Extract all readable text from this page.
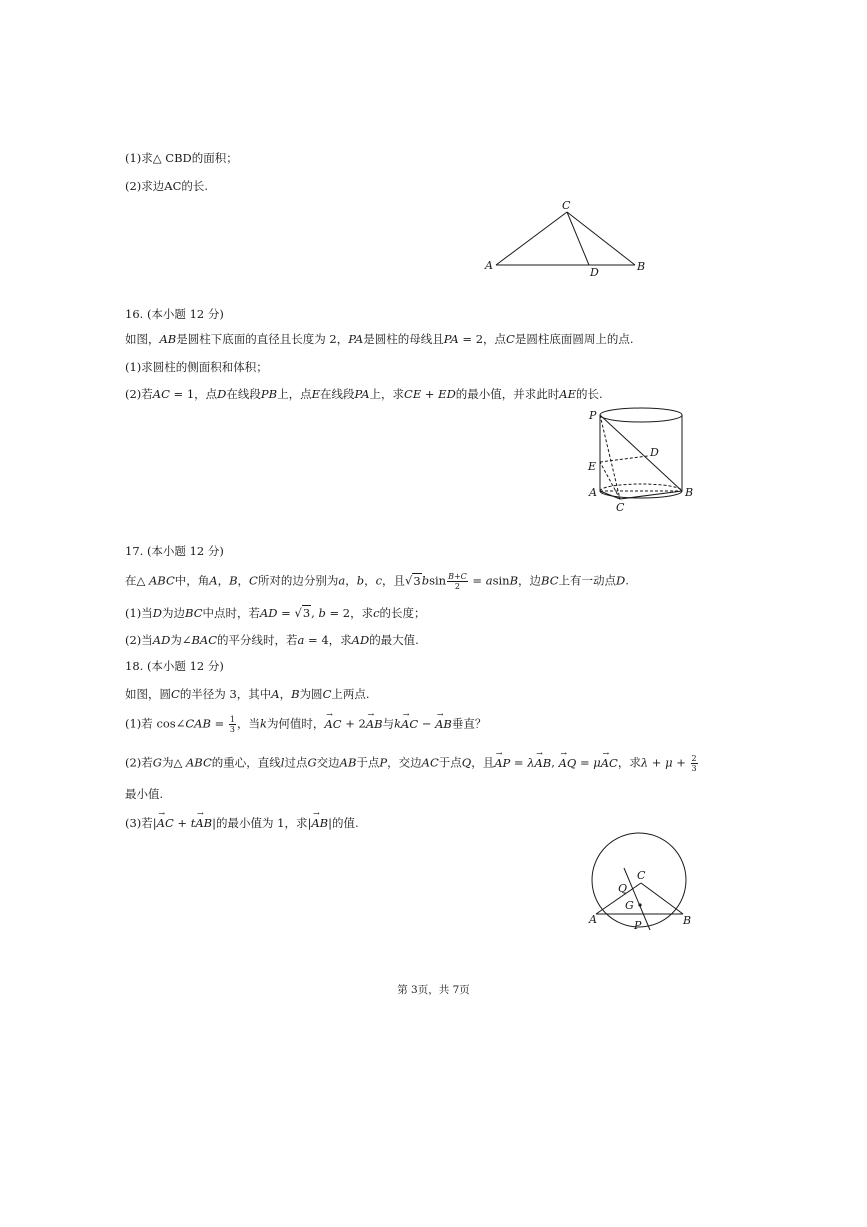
(1)求△ CBD的面积；
(2)求边AC的长.
C
A
D	B
16. (本小题 12 分)
如图，AB是圆柱下底面的直径且长度为 2，PA是圆柱的母线且PA = 2，点C是圆柱底面圆周上的点.
(1)求圆柱的侧面积和体积；
(2)若AC = 1，点D在线段PB上，点E在线段PA上，求CE + ED的最小值，并求此时AE的长.
P
D
E
A	B
C
17. (本小题 12 分)
在△ ABC中，角A，B，C所对的边分别为a，b，c，且$√3bsin \frac{B+C}{2} = asinB$，边BC上有一动点D.
(1)当D为边BC中点时，若AD = √3, b = 2，求c的长度；
(2)当AD为∠BAC的平分线时，若a = 4，求AD的最大值.
18. (本小题 12 分)
如图，圆C的半径为 3，其中A，B为圆C上两点.
(1)若 cos∠CAB = $\frac{1}{3}$ ，当k为何值时，AC → + 2AB →与kAC → − AB →垂直？
(2)若G为△ ABC的重心，直线l过点G交边AB于点P，交边AC于点Q，且AP → = λAB →, AQ → = μAC →，求$\lambda + \mu + \frac{2}{3}$
最小值.
(3)若|AC → + tAB →|的最小值为 1，求|AB →|的值.
C
Q
G
A	P	B
第 3页，共 7页
